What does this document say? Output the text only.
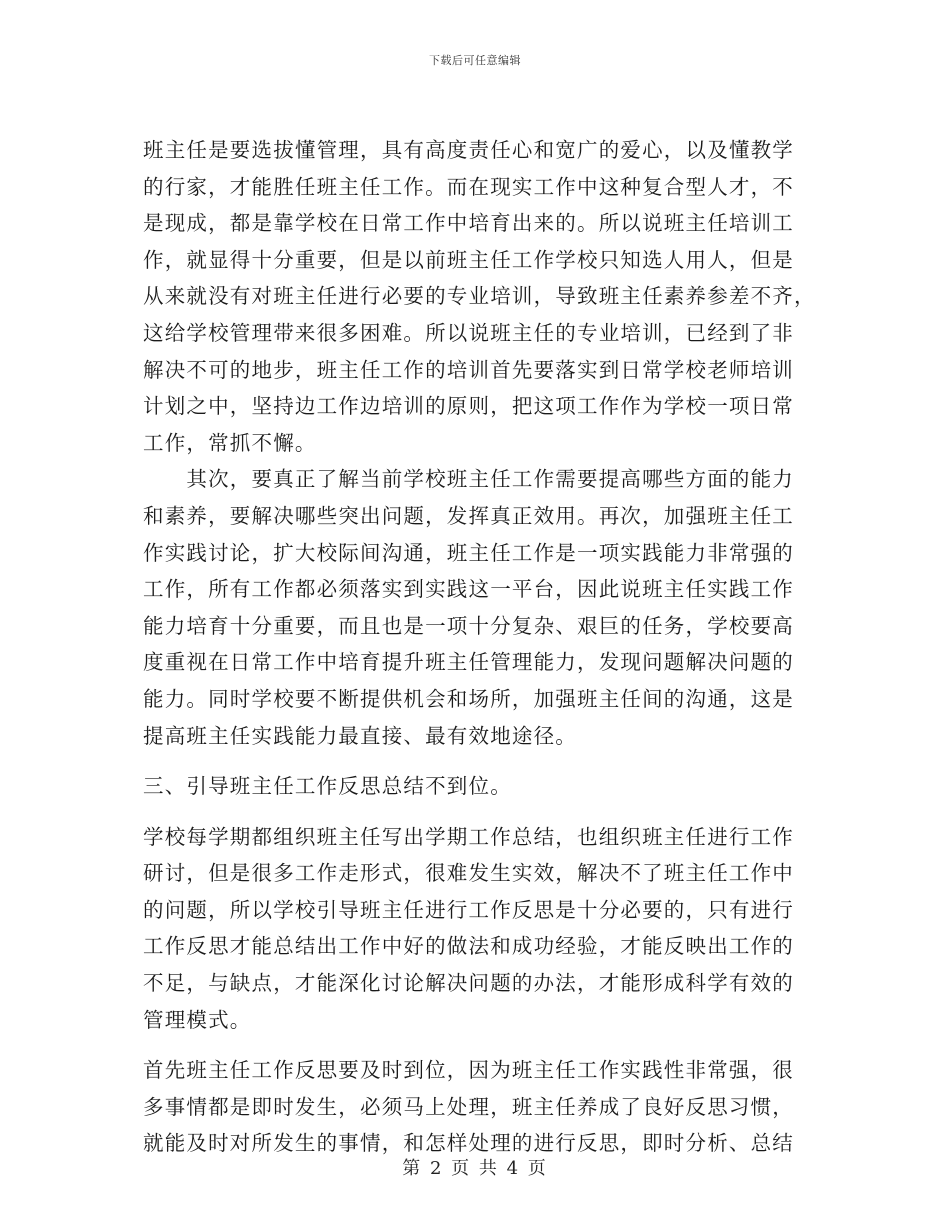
下载后可任意编辑
班主任是要选拔懂管理，具有高度责任心和宽广的爱心，以及懂教学
的行家，才能胜任班主任工作。而在现实工作中这种复合型人才，不
是现成，都是靠学校在日常工作中培育出来的。所以说班主任培训工
作，就显得十分重要，但是以前班主任工作学校只知选人用人，但是
从来就没有对班主任进行必要的专业培训，导致班主任素养参差不齐，
这给学校管理带来很多困难。所以说班主任的专业培训，已经到了非
解决不可的地步，班主任工作的培训首先要落实到日常学校老师培训
计划之中，坚持边工作边培训的原则，把这项工作作为学校一项日常
工作，常抓不懈。
　　其次，要真正了解当前学校班主任工作需要提高哪些方面的能力
和素养，要解决哪些突出问题，发挥真正效用。再次，加强班主任工
作实践讨论，扩大校际间沟通，班主任工作是一项实践能力非常强的
工作，所有工作都必须落实到实践这一平台，因此说班主任实践工作
能力培育十分重要，而且也是一项十分复杂、艰巨的任务，学校要高
度重视在日常工作中培育提升班主任管理能力，发现问题解决问题的
能力。同时学校要不断提供机会和场所，加强班主任间的沟通，这是
提高班主任实践能力最直接、最有效地途径。
三、引导班主任工作反思总结不到位。
学校每学期都组织班主任写出学期工作总结，也组织班主任进行工作
研讨，但是很多工作走形式，很难发生实效，解决不了班主任工作中
的问题，所以学校引导班主任进行工作反思是十分必要的，只有进行
工作反思才能总结出工作中好的做法和成功经验，才能反映出工作的
不足，与缺点，才能深化讨论解决问题的办法，才能形成科学有效的
管理模式。
首先班主任工作反思要及时到位，因为班主任工作实践性非常强，很
多事情都是即时发生，必须马上处理，班主任养成了良好反思习惯，
就能及时对所发生的事情，和怎样处理的进行反思，即时分析、总结
第 2 页 共 4 页
